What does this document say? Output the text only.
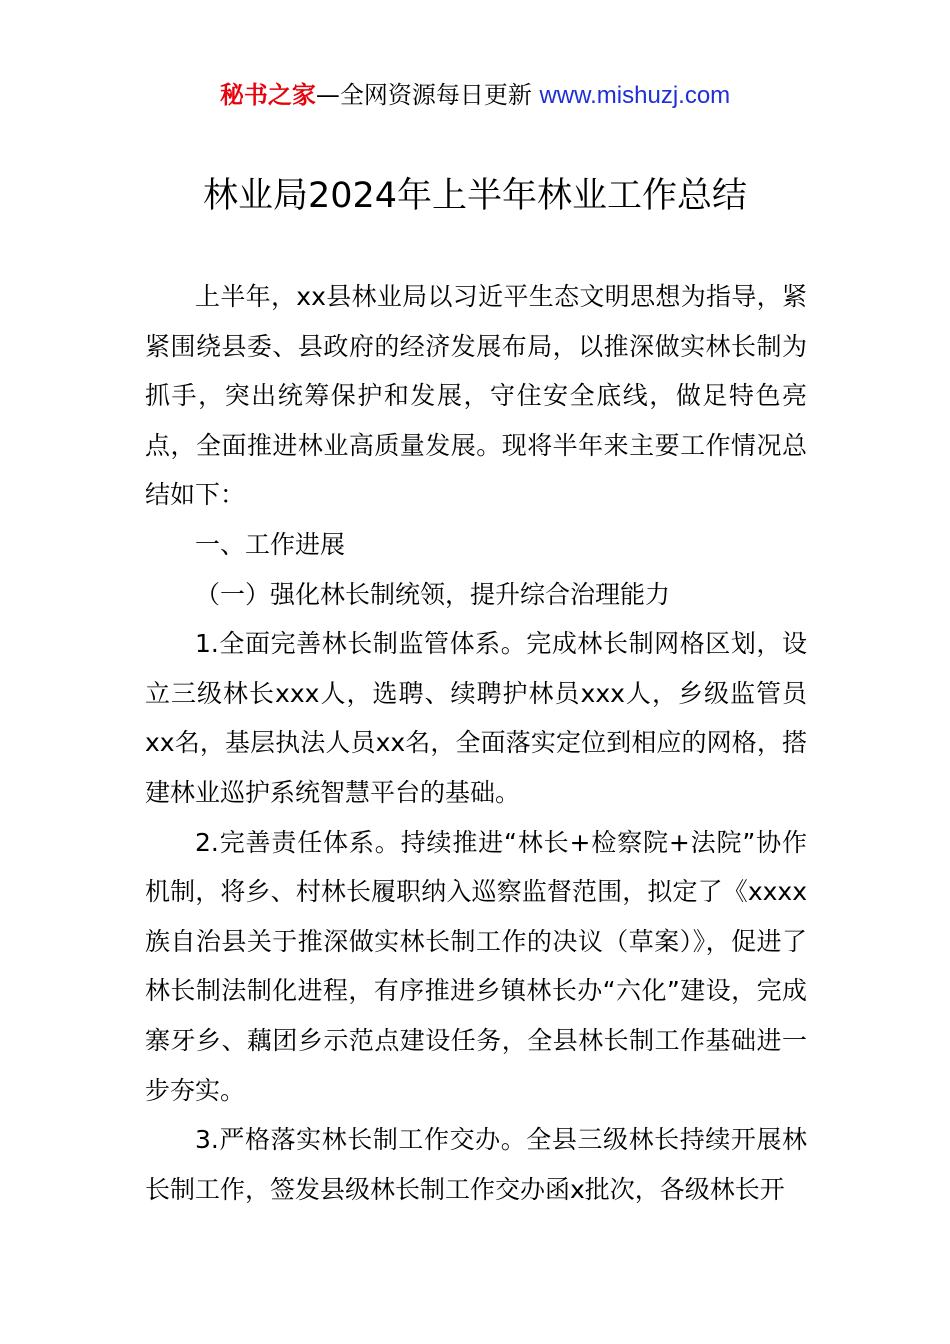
秘书之家—全网资源每日更新 www.mishuzj.com
林业局2024年上半年林业工作总结

上半年，xx县林业局以习近平生态文明思想为指导，紧紧围绕县委、县政府的经济发展布局，以推深做实林长制为抓手，突出统筹保护和发展，守住安全底线，做足特色亮点，全面推进林业高质量发展。现将半年来主要工作情况总结如下：

一、工作进展

（一）强化林长制统领，提升综合治理能力

1.全面完善林长制监管体系。完成林长制网格区划，设立三级林长xxx人，选聘、续聘护林员xxx人，乡级监管员xx名，基层执法人员xx名，全面落实定位到相应的网格，搭建林业巡护系统智慧平台的基础。

2.完善责任体系。持续推进“林长+检察院+法院”协作机制，将乡、村林长履职纳入巡察监督范围，拟定了《xxxx族自治县关于推深做实林长制工作的决议（草案）》，促进了林长制法制化进程，有序推进乡镇林长办“六化”建设，完成寨牙乡、藕团乡示范点建设任务，全县林长制工作基础进一步夯实。

3.严格落实林长制工作交办。全县三级林长持续开展林长制工作，签发县级林长制工作交办函x批次，各级林长开
